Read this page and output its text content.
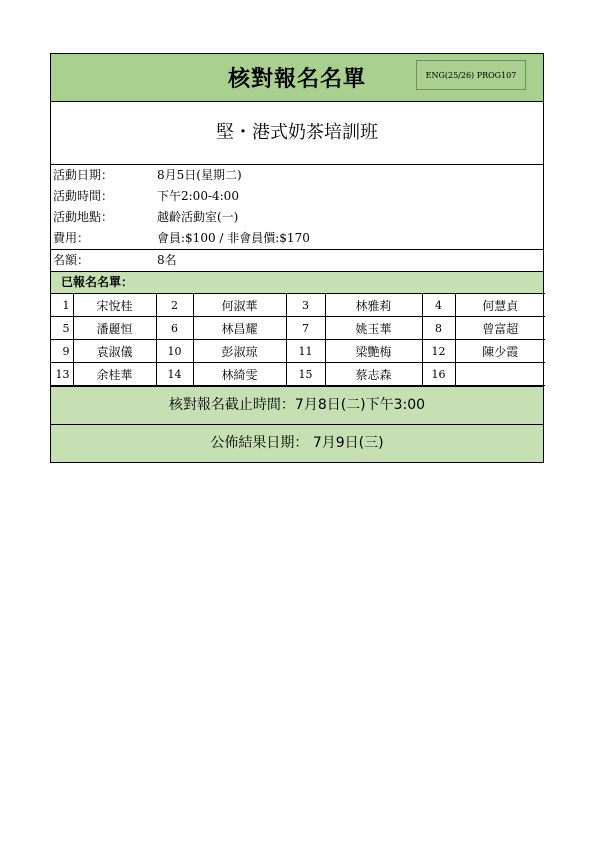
核對報名名單	ENG(25/26) PROG107
堅・港式奶茶培訓班
活動日期：	8月5日(星期二)
活動時間：	下午2:00-4:00
活動地點：	越齡活動室(一)
費用：	會員:$100 / 非會員價:$170
名額：	8名
已報名名單：
1	宋悅桂	2	何淑華	3	林雅莉	4	何慧貞
5	潘麗恒	6	林昌耀	7	姚玉華	8	曾富超
9	袁淑儀	10	彭淑琼	11	梁艷梅	12	陳少霞
13	余桂華	14	林綺雯	15	蔡志森	16	
核對報名截止時間：7月8日(二)下午3:00
公佈結果日期： 7月9日(三)
